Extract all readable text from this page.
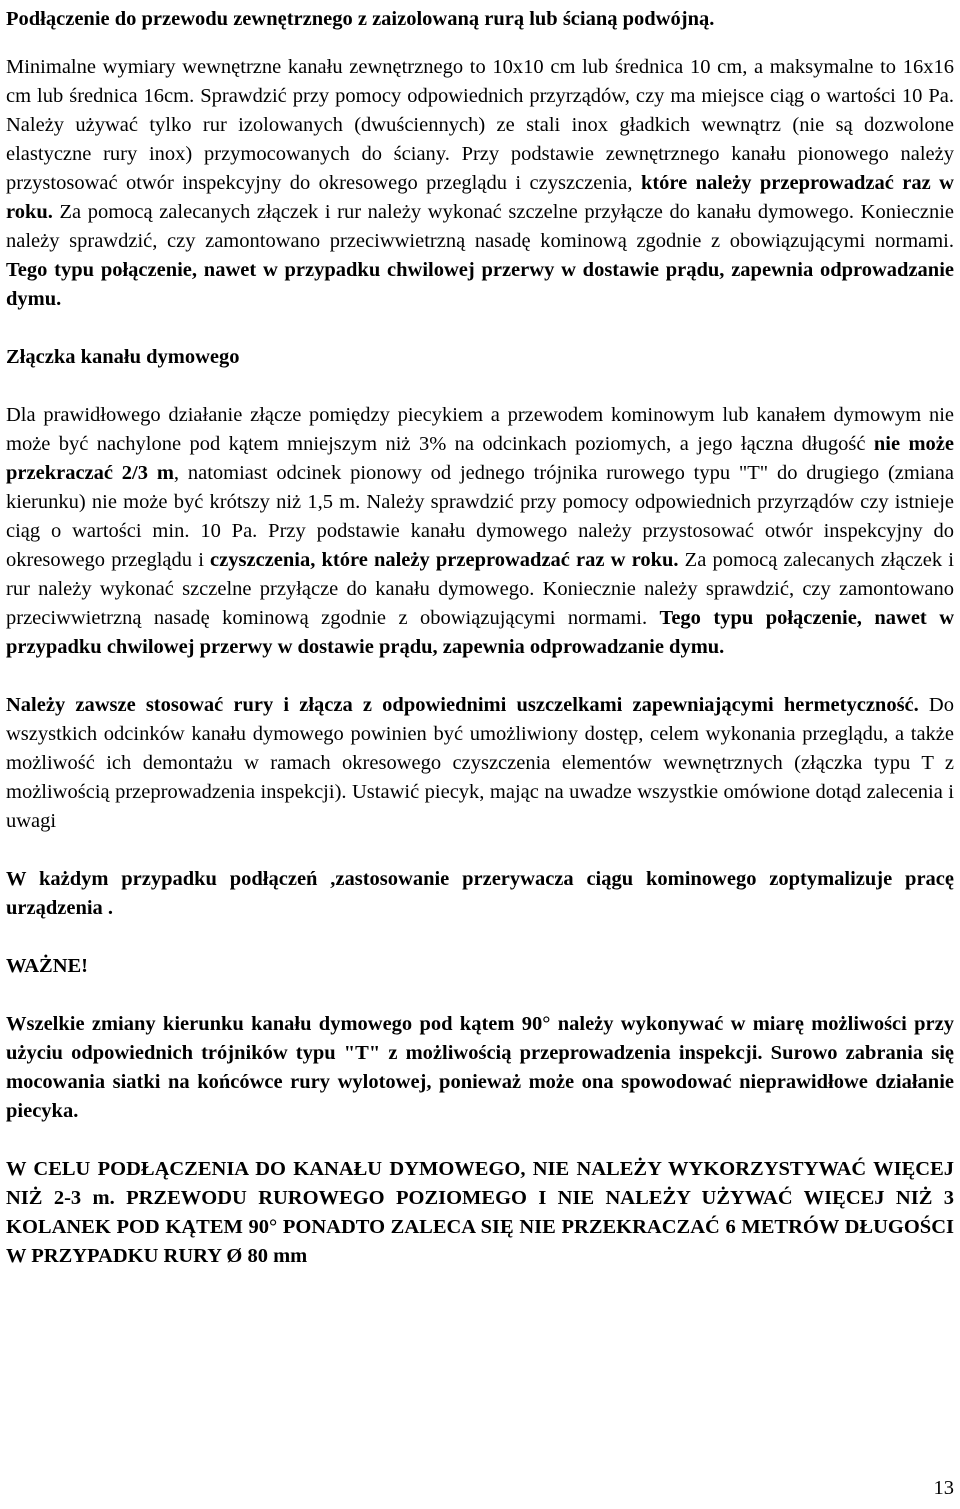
Podłączenie do przewodu zewnętrznego z zaizolowaną rurą lub ścianą podwójną.

Minimalne wymiary wewnętrzne kanału zewnętrznego to 10x10 cm lub średnica 10 cm, a maksymalne to 16x16 cm lub średnica 16cm. Sprawdzić przy pomocy odpowiednich przyrządów, czy ma miejsce ciąg o wartości 10 Pa. Należy używać tylko rur izolowanych (dwuściennych) ze stali inox gładkich wewnątrz (nie są dozwolone elastyczne rury inox) przymocowanych do ściany. Przy podstawie zewnętrznego kanału pionowego należy przystosować otwór inspekcyjny do okresowego przeglądu i czyszczenia, które należy przeprowadzać raz w roku. Za pomocą zalecanych złączek i rur należy wykonać szczelne przyłącze do kanału dymowego. Koniecznie należy sprawdzić, czy zamontowano przeciwwietrzną nasadę kominową zgodnie z obowiązującymi normami. Tego typu połączenie, nawet w przypadku chwilowej przerwy w dostawie prądu, zapewnia odprowadzanie dymu.

Złączka kanału dymowego

Dla prawidłowego działanie złącze pomiędzy piecykiem a przewodem kominowym lub kanałem dymowym nie może być nachylone pod kątem mniejszym niż 3% na odcinkach poziomych, a jego łączna długość nie może przekraczać 2/3 m, natomiast odcinek pionowy od jednego trójnika rurowego typu "T" do drugiego (zmiana kierunku) nie może być krótszy niż 1,5 m. Należy sprawdzić przy pomocy odpowiednich przyrządów czy istnieje ciąg o wartości min. 10 Pa. Przy podstawie kanału dymowego należy przystosować otwór inspekcyjny do okresowego przeglądu i czyszczenia, które należy przeprowadzać raz w roku. Za pomocą zalecanych złączek i rur należy wykonać szczelne przyłącze do kanału dymowego. Koniecznie należy sprawdzić, czy zamontowano przeciwwietrzną nasadę kominową zgodnie z obowiązującymi normami. Tego typu połączenie, nawet w przypadku chwilowej przerwy w dostawie prądu, zapewnia odprowadzanie dymu.

Należy zawsze stosować rury i złącza z odpowiednimi uszczelkami zapewniającymi hermetyczność. Do wszystkich odcinków kanału dymowego powinien być umożliwiony dostęp, celem wykonania przeglądu, a także możliwość ich demontażu w ramach okresowego czyszczenia elementów wewnętrznych (złączka typu T z możliwością przeprowadzenia inspekcji). Ustawić piecyk, mając na uwadze wszystkie omówione dotąd zalecenia i uwagi

W każdym przypadku podłączeń ,zastosowanie przerywacza ciągu kominowego zoptymalizuje pracę urządzenia .

WAŻNE!

Wszelkie zmiany kierunku kanału dymowego pod kątem 90° należy wykonywać w miarę możliwości przy użyciu odpowiednich trójników typu "T" z możliwością przeprowadzenia inspekcji. Surowo zabrania się mocowania siatki na końcówce rury wylotowej, ponieważ może ona spowodować nieprawidłowe działanie piecyka.

W CELU PODŁĄCZENIA DO KANAŁU DYMOWEGO, NIE NALEŻY WYKORZYSTYWAĆ WIĘCEJ NIŻ 2-3 m. PRZEWODU RUROWEGO POZIOMEGO I NIE NALEŻY UŻYWAĆ WIĘCEJ NIŻ 3 KOLANEK POD KĄTEM 90° PONADTO ZALECA SIĘ NIE PRZEKRACZAĆ 6 METRÓW DŁUGOŚCI W PRZYPADKU RURY Ø 80 mm

13
